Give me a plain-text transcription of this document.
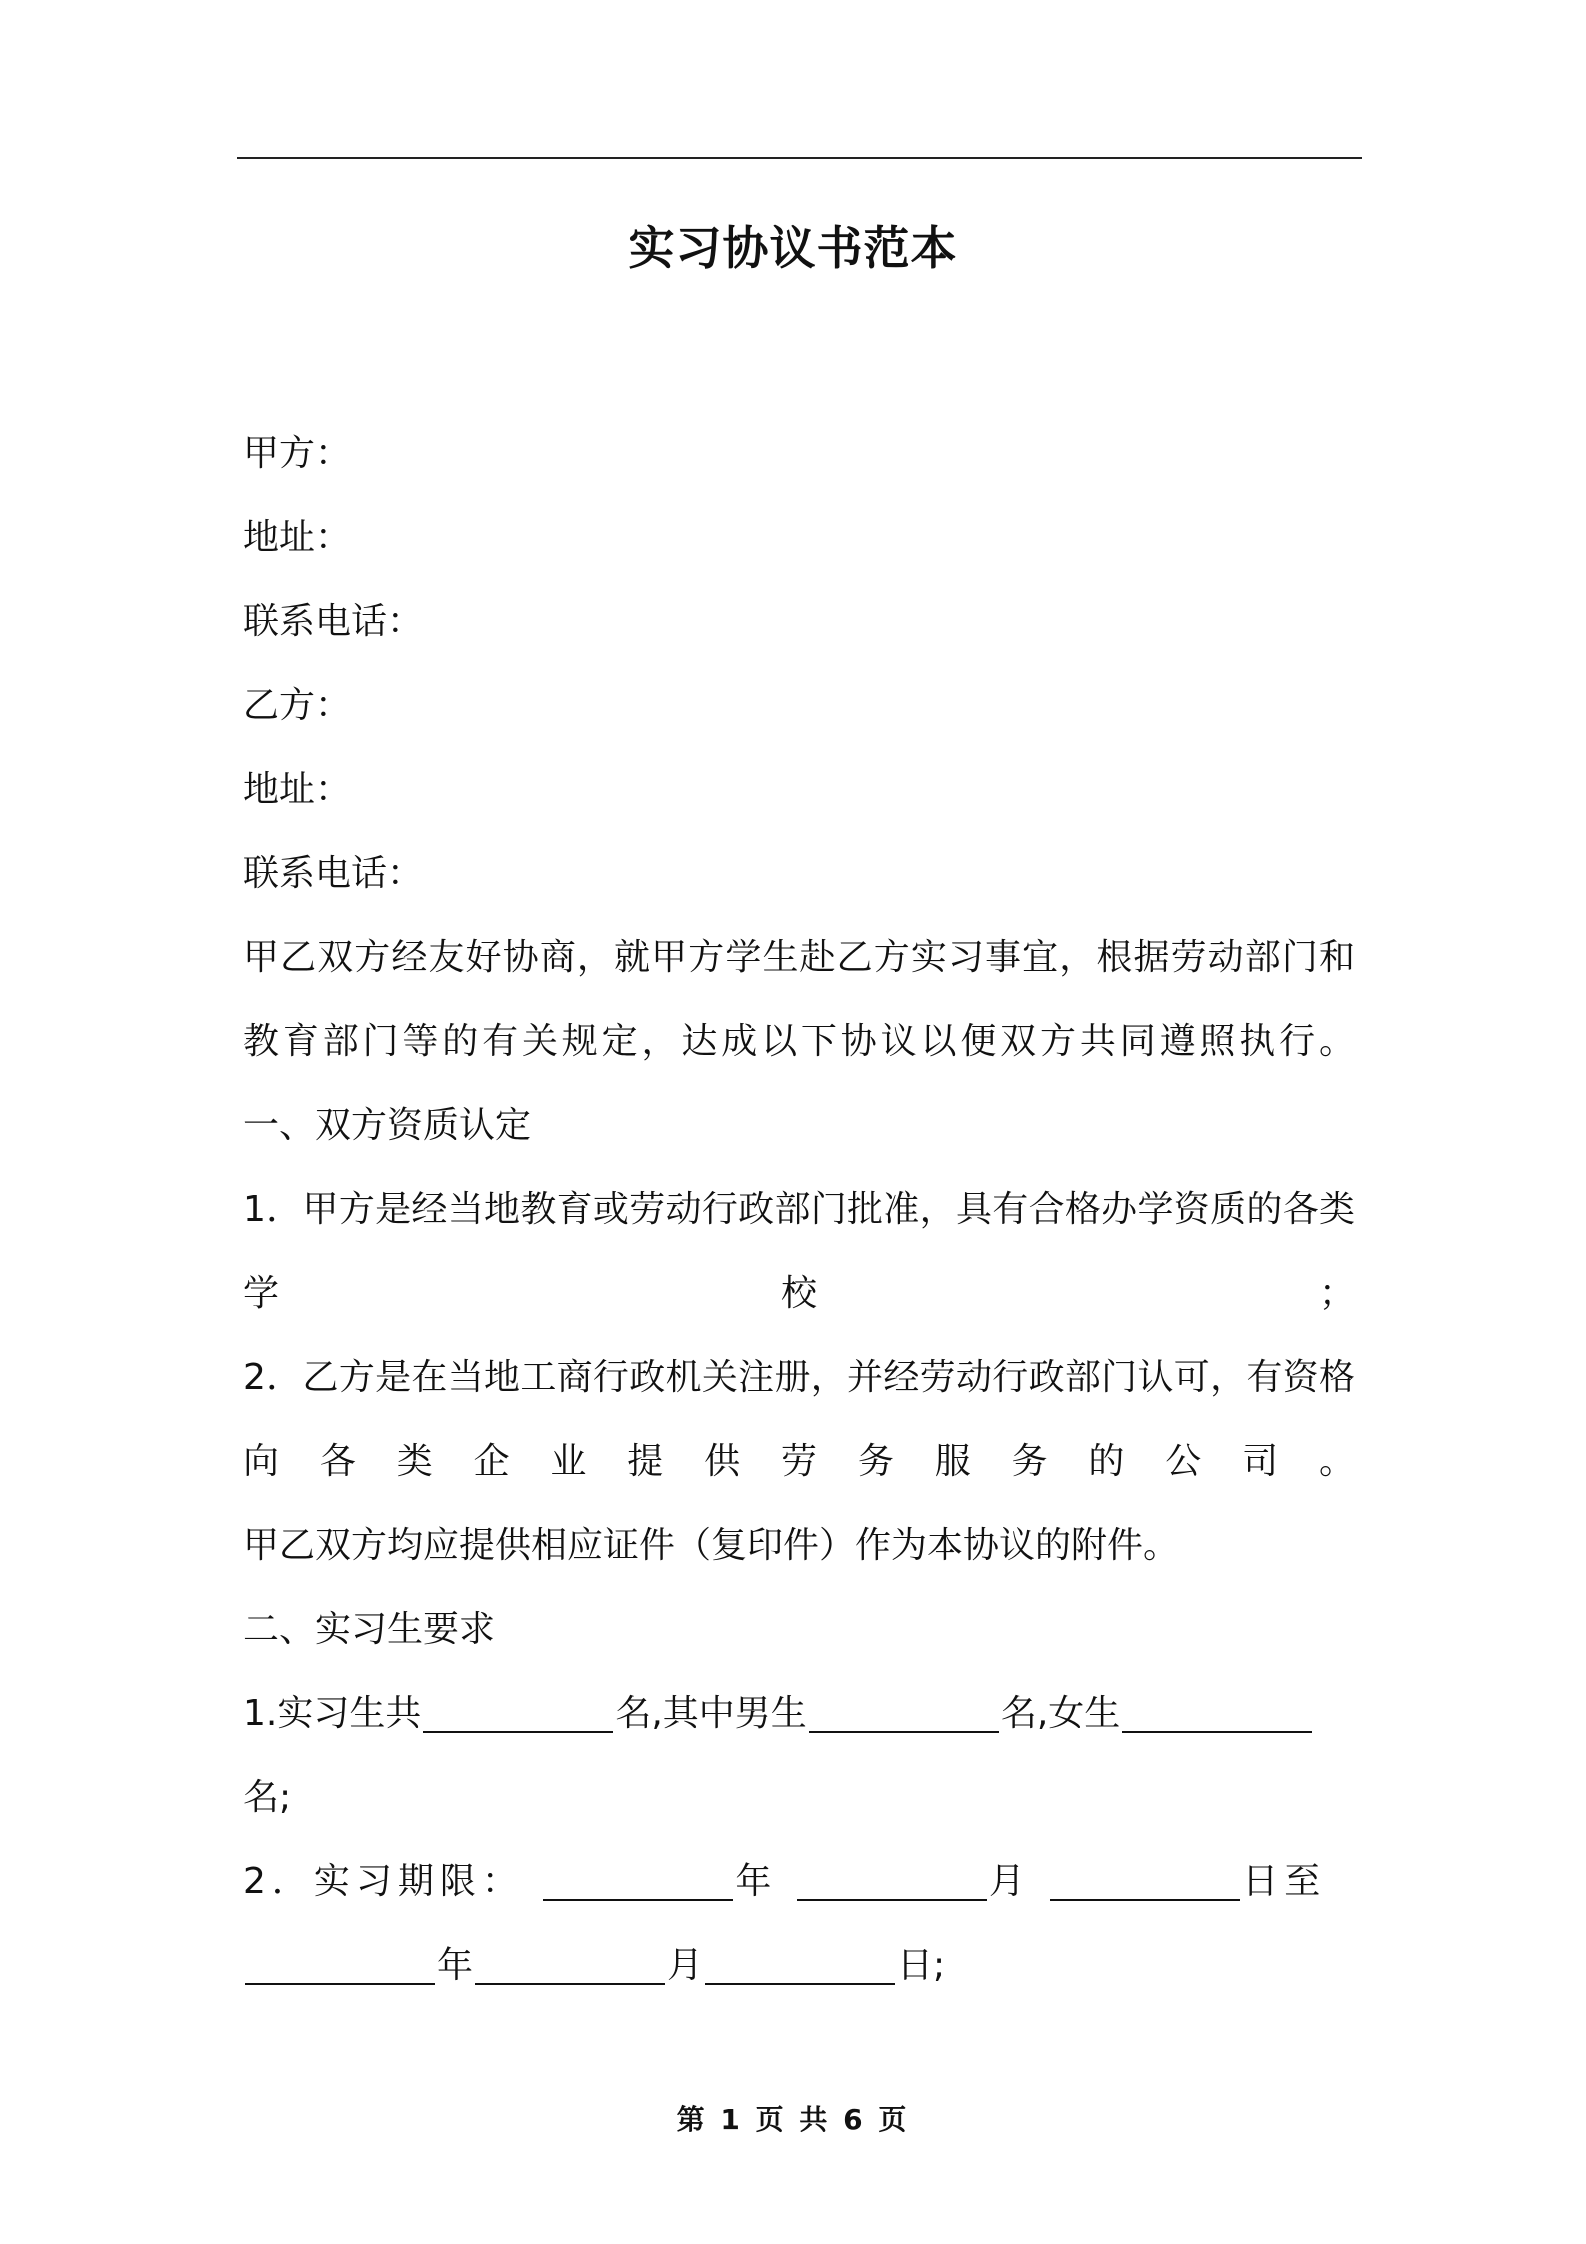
实习协议书范本

甲方：

地址：

联系电话：

乙方：

地址：

联系电话：

甲乙双方经友好协商，就甲方学生赴乙方实习事宜，根据劳动部门和教育部门等的有关规定，达成以下协议以便双方共同遵照执行。

一、双方资质认定

1．甲方是经当地教育或劳动行政部门批准，具有合格办学资质的各类学校；

2．乙方是在当地工商行政机关注册，并经劳动行政部门认可，有资格向各类企业提供劳务服务的公司。

甲乙双方均应提供相应证件（复印件）作为本协议的附件。

二、实习生要求

1.实习生共	名,其中男生	名,女生

名;

2．实习期限：	年	月	日至

年	月	日;

第 1 页 共 6 页
